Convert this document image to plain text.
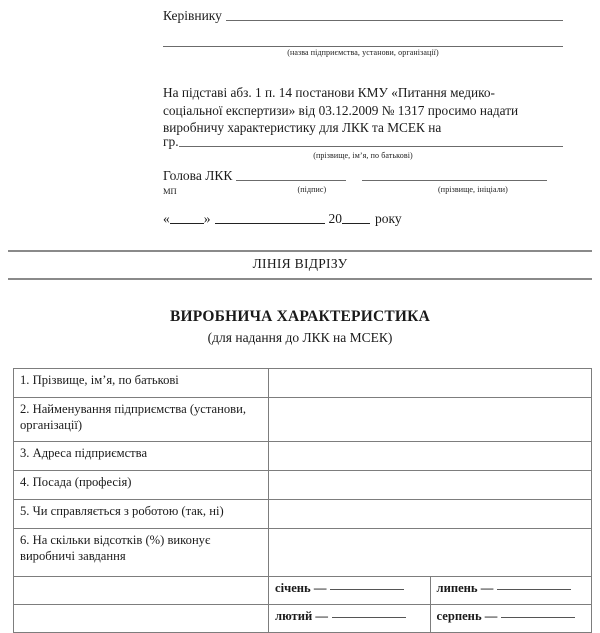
Керівнику
(назва підприємства, установи, організації)
На підставі абз. 1 п. 14 постанови КМУ «Питання медико-соціальної експертизи» від 03.12.2009 № 1317 просимо надати виробничу характеристику для ЛКК та МСЕК на
гр.
(прізвище, ім’я, по батькові)
Голова ЛКК
МП	(підпис)	(прізвище, ініціали)
«	»	20 року
ЛІНІЯ ВІДРІЗУ
ВИРОБНИЧА ХАРАКТЕРИСТИКА
(для надання до ЛКК на МСЕК)
1. Прізвище, ім’я, по батькові		
2. Найменування підприємства (установи, організації)		
3. Адреса підприємства		
4. Посада (професія)		
5. Чи справляється з роботою (так, ні)		
6. На скільки відсотків (%) виконує виробничі завдання		
	січень —	липень —
	лютий —	серпень —
